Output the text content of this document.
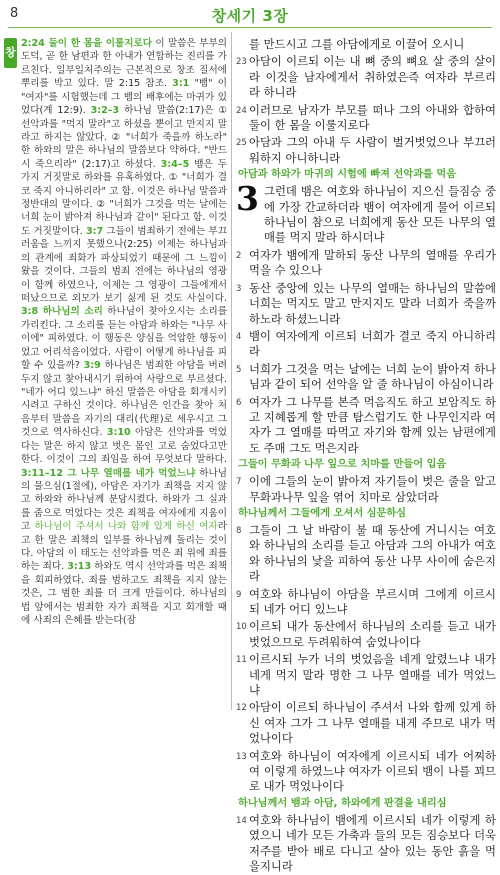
8	창세기 3장
창
2:24 둘이 한 몸을 이룰지로다 이 말씀은 부부의 도덕, 곧 한 남편과 한 아내가 연합하는 진리를 가르친다. 일부일처주의는 근본적으로 창조 질서에 뿌리를 박고 있다. 말 2:15 참조. 3:1 "뱀" 이 "여자"를 시험했는데 그 뱀의 배후에는 마귀가 있었다(계 12:9). 3:2–3 하나님 말씀(2:17)은 ① 선악과를 "먹지 말라"고 하셨을 뿐이고 만지지 말라고 하지는 않았다. ② "너희가 죽을까 하노라" 한 하와의 말은 하나님의 말씀보다 약하다. "반드시 죽으리라" (2:17)고 하셨다. 3:4–5 뱀은 두 가지 거짓말로 하와를 유혹하였다. ① "너희가 결코 죽지 아니하리라" 고 함. 이것은 하나님 말씀과 정반대의 말이다. ② "너희가 그것을 먹는 날에는 너희 눈이 밝아져 하나님과 같이" 된다고 함. 이것도 거짓말이다. 3:7 그들이 범죄하기 전에는 부끄러움을 느끼지 못했으나(2:25) 이제는 하나님과의 관계에 죄화가 파상되었기 때문에 그 느낌이 왔을 것이다. 그들의 범죄 전에는 하나님의 영광이 함께 하였으나, 이제는 그 영광이 그들에게서 떠났으므로 외모가 보기 싫게 된 것도 사실이다. 3:8 하나님의 소리 하나님이 찾아오시는 소리를 가리킨다. 그 소리를 듣는 아담과 하와는 "나무 사이에" 피하였다. 이 행동은 양심을 억압한 행동이었고 어리석음이었다. 사람이 어떻게 하나님을 피할 수 있을까? 3:9 하나님은 범죄한 아담을 버려두지 않고 찾아내시기 위하여 사랑으로 부르셨다. "네가 어디 있느냐" 하신 말씀은 아담을 회개시키시려고 구하신 것이다. 하나님은 인간을 찾아 처음부터 말씀을 자기의 대리(代理)로 세우시고 그것으로 역사하신다. 3:10 아담은 선악과를 먹었다는 말은 하지 않고 벗은 몸인 고로 숨었다고만 한다. 이것이 그의 죄임을 하여 무엇보다 말하다. 3:11–12 그 나무 열매를 네가 먹었느냐 하나님의 물으심(1절에), 아담은 자기가 죄책을 지지 않고 하와와 하나님께 분담시켰다. 하와가 그 실과를 줌으로 먹었다는 것은 죄책을 여자에게 지움이고 하나님이 주셔서 나와 함께 있게 하신 여자라고 한 말은 죄책의 일부를 하나님께 돌리는 것이다. 아담의 이 태도는 선악과를 먹은 죄 위에 죄를 하는 죄다. 3:13 하와도 역시 선악과를 먹은 죄책을 회피하였다. 죄를 범하고도 죄책을 지지 않는 것은, 그 범한 죄를 더 크게 만들이다. 하나님의 법 앞에서는 범죄한 자가 죄책을 지고 회개할 때에 사죄의 은혜를 받는다(잠
를 만드시고 그를 아담에게로 이끌어 오시니
23 아담이 이르되 이는 내 뼈 중의 뼈요 살 중의 살이라 이것을 남자에게서 취하였은즉 여자라 부르리라 하니라
24 이러므로 남자가 부모를 떠나 그의 아내와 합하여 둘이 한 몸을 이룰지로다
25 아담과 그의 아내 두 사람이 벌거벗었으나 부끄러워하지 아니하니라
아담과 하와가 마귀의 시험에 빠져 선악과를 먹음
3 그런데 뱀은 여호와 하나님이 지으신 들짐승 중에 가장 간교하더라 뱀이 여자에게 물어 이르되 하나님이 참으로 너희에게 동산 모든 나무의 열매를 먹지 말라 하시더냐
2 여자가 뱀에게 말하되 동산 나무의 열매를 우리가 먹을 수 있으나
3 동산 중앙에 있는 나무의 열매는 하나님의 말씀에 너희는 먹지도 말고 만지지도 말라 너희가 죽을까 하노라 하셨느니라
4 뱀이 여자에게 이르되 너희가 결코 죽지 아니하리라
5 너희가 그것을 먹는 날에는 너희 눈이 밝아져 하나님과 같이 되어 선악을 알 줄 하나님이 아심이니라
6 여자가 그 나무를 본즉 먹음직도 하고 보암직도 하고 지혜롭게 할 만큼 탐스럽기도 한 나무인지라 여자가 그 열매를 따먹고 자기와 함께 있는 남편에게도 주매 그도 먹은지라
그들이 무화과 나무 잎으로 치마를 만들어 입음
7 이에 그들의 눈이 밝아져 자기들이 벗은 줄을 알고 무화과나무 잎을 엮어 치마로 삼았더라
하나님께서 그들에게 오셔서 심문하심
8 그들이 그 날 바람이 불 때 동산에 거니시는 여호와 하나님의 소리를 듣고 아담과 그의 아내가 여호와 하나님의 낯을 피하여 동산 나무 사이에 숨은지라
9 여호와 하나님이 아담을 부르시며 그에게 이르시되 네가 어디 있느냐
10 이르되 내가 동산에서 하나님의 소리를 듣고 내가 벗었으므로 두려워하여 숨었나이다
11 이르시되 누가 너의 벗었음을 네게 알렸느냐 내가 네게 먹지 말라 명한 그 나무 열매를 네가 먹었느냐
12 아담이 이르되 하나님이 주셔서 나와 함께 있게 하신 여자 그가 그 나무 열매를 내게 주므로 내가 먹었나이다
13 여호와 하나님이 여자에게 이르시되 네가 어찌하여 이렇게 하였느냐 여자가 이르되 뱀이 나를 꾀므로 내가 먹었나이다
하나님께서 뱀과 아담, 하와에게 판결을 내리심
14 여호와 하나님이 뱀에게 이르시되 네가 이렇게 하였으니 네가 모든 가축과 들의 모든 짐승보다 더욱 저주를 받아 배로 다니고 살아 있는 동안 흙을 먹을지니라
